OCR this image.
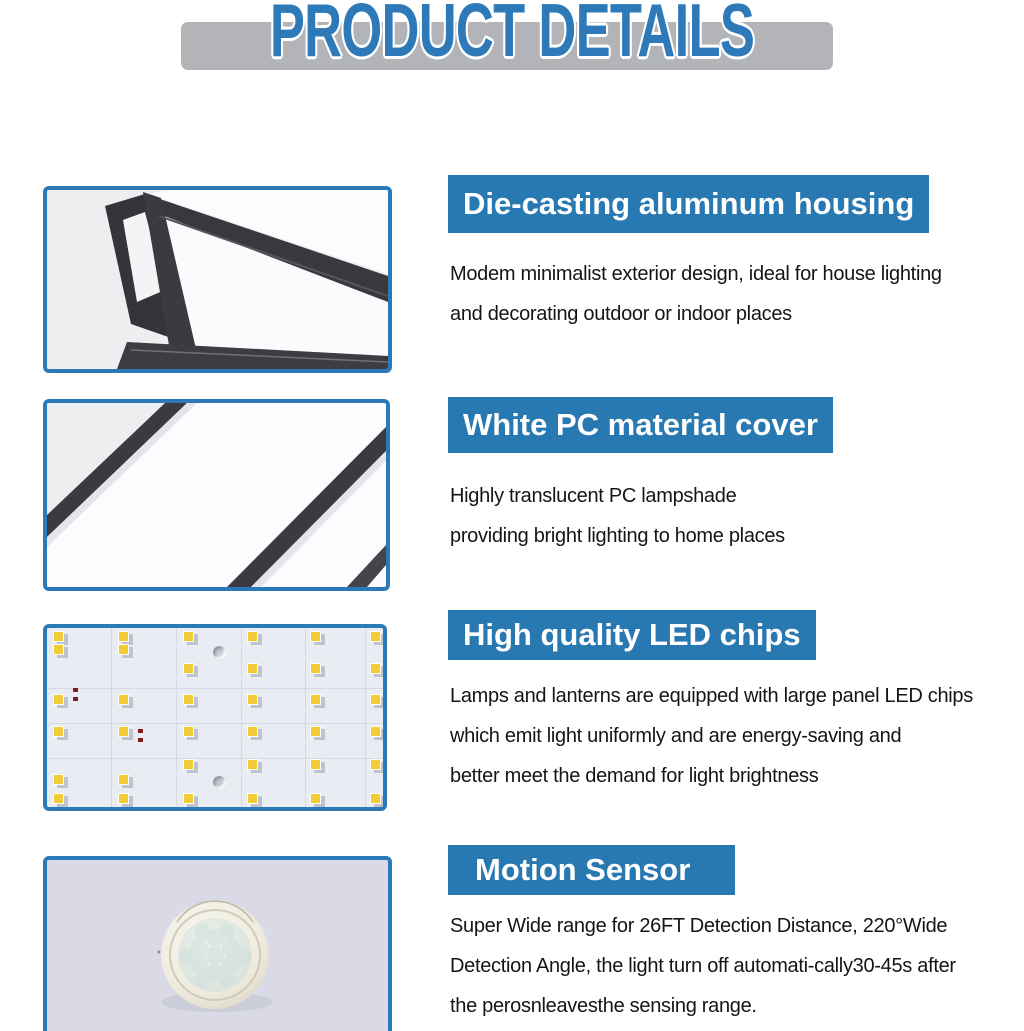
PRODUCT DETAILS
Die-casting aluminum housing
White PC material cover
High quality LED chips
Motion Sensor
Modem minimalist exterior design, ideal for house lighting
and decorating outdoor or indoor places
Highly translucent PC lampshade
providing bright lighting to home places
Lamps and lanterns are equipped with large panel LED chips
which emit light uniformly and are energy-saving and
better meet the demand for light brightness
Super Wide range for 26FT Detection Distance, 220°Wide
Detection Angle, the light turn off automati-cally30-45s after
the perosnleavesthe sensing range.
